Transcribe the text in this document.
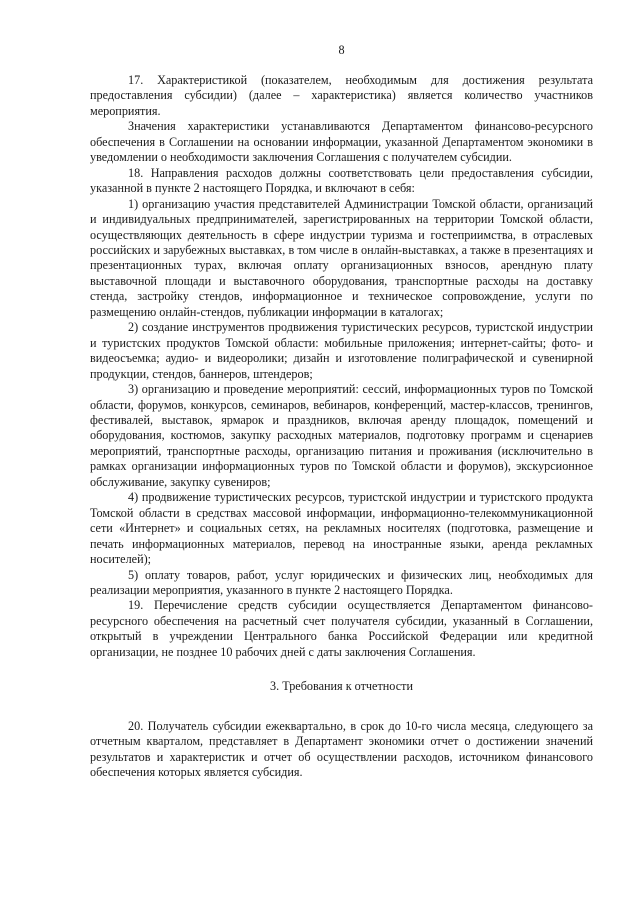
8

17. Характеристикой (показателем, необходимым для достижения результата предоставления субсидии) (далее – характеристика) является количество участников мероприятия.

Значения характеристики устанавливаются Департаментом финансово-ресурсного обеспечения в Соглашении на основании информации, указанной Департаментом экономики в уведомлении о необходимости заключения Соглашения с получателем субсидии.

18. Направления расходов должны соответствовать цели предоставления субсидии, указанной в пункте 2 настоящего Порядка, и включают в себя:

1) организацию участия представителей Администрации Томской области, организаций и индивидуальных предпринимателей, зарегистрированных на территории Томской области, осуществляющих деятельность в сфере индустрии туризма и гостеприимства, в отраслевых российских и зарубежных выставках, в том числе в онлайн-выставках, а также в презентациях и презентационных турах, включая оплату организационных взносов, арендную плату выставочной площади и выставочного оборудования, транспортные расходы на доставку стенда, застройку стендов, информационное и техническое сопровождение, услуги по размещению онлайн-стендов, публикации информации в каталогах;

2) создание инструментов продвижения туристических ресурсов, туристской индустрии и туристских продуктов Томской области: мобильные приложения; интернет-сайты; фото- и видеосъемка; аудио- и видеоролики; дизайн и изготовление полиграфической и сувенирной продукции, стендов, баннеров, штендеров;

3) организацию и проведение мероприятий: сессий, информационных туров по Томской области, форумов, конкурсов, семинаров, вебинаров, конференций, мастер-классов, тренингов, фестивалей, выставок, ярмарок и праздников, включая аренду площадок, помещений и оборудования, костюмов, закупку расходных материалов, подготовку программ и сценариев мероприятий, транспортные расходы, организацию питания и проживания (исключительно в рамках организации информационных туров по Томской области и форумов), экскурсионное обслуживание, закупку сувениров;

4) продвижение туристических ресурсов, туристской индустрии и туристского продукта Томской области в средствах массовой информации, информационно-телекоммуникационной сети «Интернет» и социальных сетях, на рекламных носителях (подготовка, размещение и печать информационных материалов, перевод на иностранные языки, аренда рекламных носителей);

5) оплату товаров, работ, услуг юридических и физических лиц, необходимых для реализации мероприятия, указанного в пункте 2 настоящего Порядка.

19. Перечисление средств субсидии осуществляется Департаментом финансово-ресурсного обеспечения на расчетный счет получателя субсидии, указанный в Соглашении, открытый в учреждении Центрального банка Российской Федерации или кредитной организации, не позднее 10 рабочих дней с даты заключения Соглашения.

3. Требования к отчетности

20. Получатель субсидии ежеквартально, в срок до 10-го числа месяца, следующего за отчетным кварталом, представляет в Департамент экономики отчет о достижении значений результатов и характеристик и отчет об осуществлении расходов, источником финансового обеспечения которых является субсидия.
